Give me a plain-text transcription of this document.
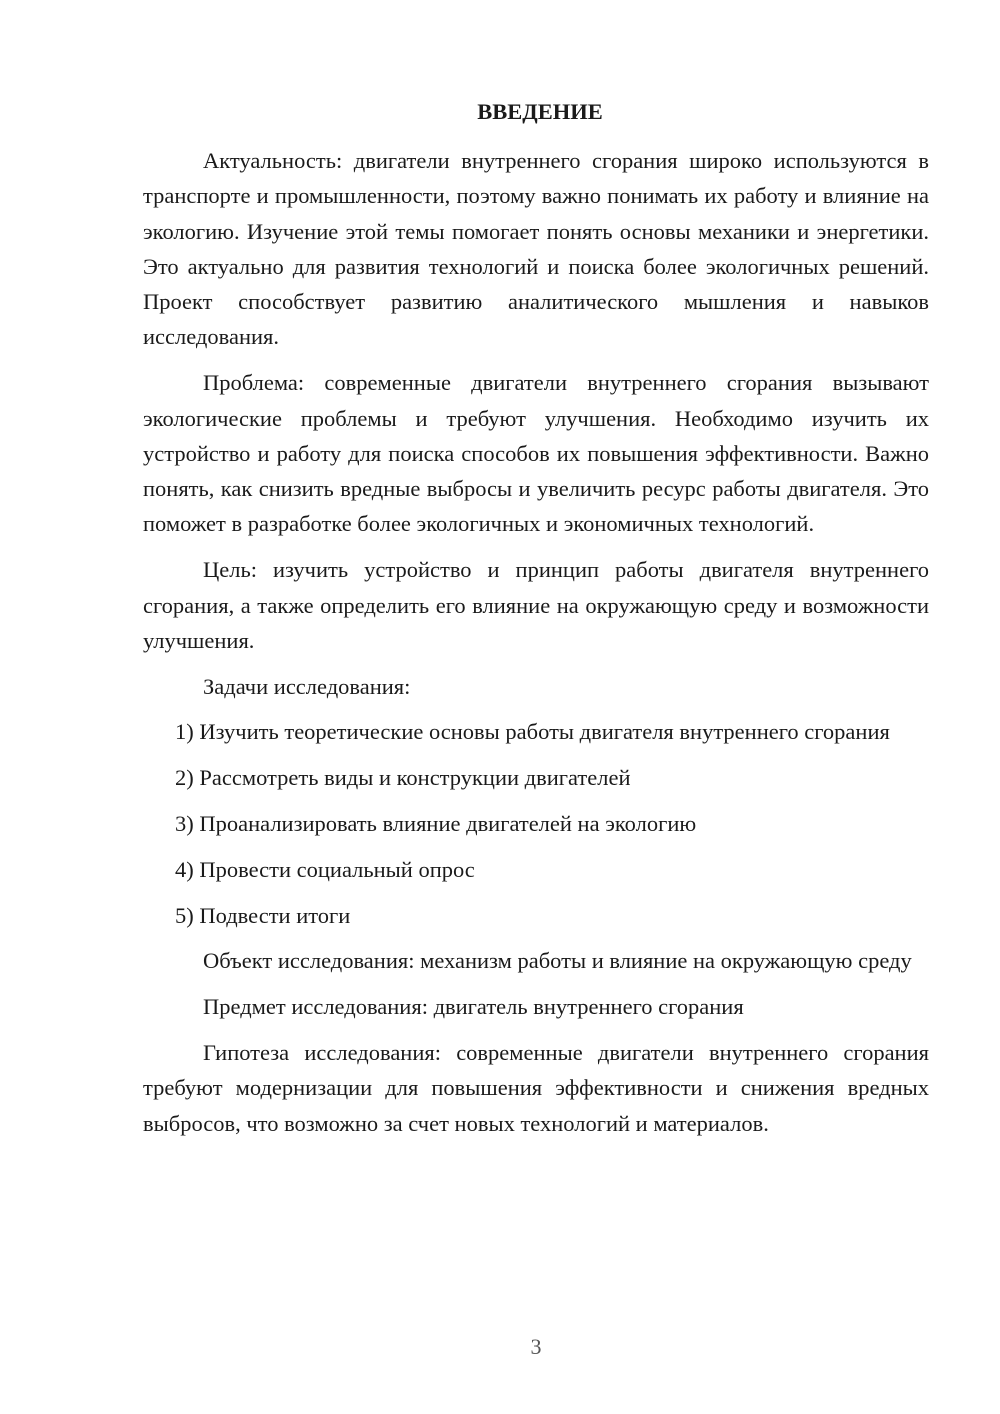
ВВЕДЕНИЕ

Актуальность: двигатели внутреннего сгорания широко используются в транспорте и промышленности, поэтому важно понимать их работу и влияние на экологию. Изучение этой темы помогает понять основы механики и энергетики. Это актуально для развития технологий и поиска более экологичных решений. Проект способствует развитию аналитического мышления и навыков исследования.

Проблема: современные двигатели внутреннего сгорания вызывают экологические проблемы и требуют улучшения. Необходимо изучить их устройство и работу для поиска способов их повышения эффективности. Важно понять, как снизить вредные выбросы и увеличить ресурс работы двигателя. Это поможет в разработке более экологичных и экономичных технологий.

Цель: изучить устройство и принцип работы двигателя внутреннего сгорания, а также определить его влияние на окружающую среду и возможности улучшения.

Задачи исследования:

1) Изучить теоретические основы работы двигателя внутреннего сгорания

2) Рассмотреть виды и конструкции двигателей

3) Проанализировать влияние двигателей на экологию

4) Провести социальный опрос

5) Подвести итоги

Объект исследования: механизм работы и влияние на окружающую среду

Предмет исследования: двигатель внутреннего сгорания

Гипотеза исследования: современные двигатели внутреннего сгорания требуют модернизации для повышения эффективности и снижения вредных выбросов, что возможно за счет новых технологий и материалов.

3
